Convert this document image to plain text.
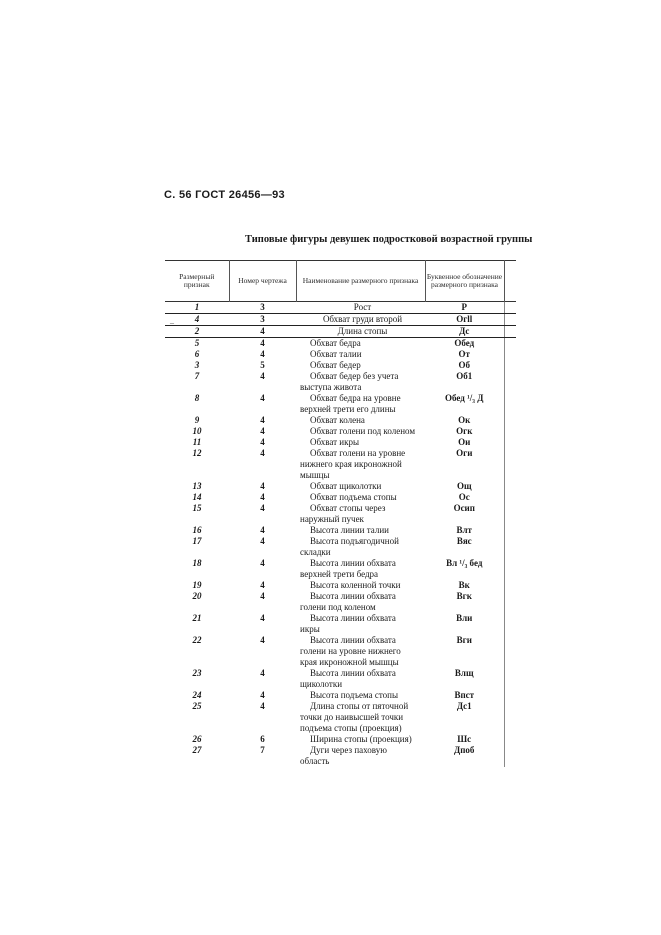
С. 56 ГОСТ 26456—93
Типовые фигуры девушек подростковой возрастной группы
Размерный признак	Номер чертежа	Наименование размерного признака	Буквенное обозначение размерного признака	
1	3	Рост	Р	
4	3	Обхват груди второй	Огll	
2	4	Длина стопы	Дс	
5	4	Обхват бедра	Обед	
6	4	Обхват талии	От	
3	5	Обхват бедер	Об	
7	4	Обхват бедер без учета
выступа живота	Об1	
8	4	Обхват бедра на уровне
верхней трети его длины	Обед ¹/₃ Д	
9	4	Обхват колена	Ок	
10	4	Обхват голени под коленом	Огк	
11	4	Обхват икры	Ои	
12	4	Обхват голени на уровне
нижнего края икроножной
мышцы	Оги	
13	4	Обхват щиколотки	Ощ	
14	4	Обхват подъема стопы	Ос	
15	4	Обхват стопы через
наружный пучек	Осип	
16	4	Высота линии талии	Влт	
17	4	Высота подъягодичной
складки	Вяс	
18	4	Высота линии обхвата
верхней трети бедра	Вл ¹/₃ бед	
19	4	Высота коленной точки	Вк	
20	4	Высота линии обхвата
голени под коленом	Вгк	
21	4	Высота линии обхвата
икры	Вли	
22	4	Высота линии обхвата
голени на уровне нижнего
края икроножной мышцы	Вги	
23	4	Высота линии обхвата
щиколотки	Влщ	
24	4	Высота подъема стопы	Впст	
25	4	Длина стопы от пяточной
точки до наивысшей точки
подъема стопы (проекция)	Дс1	
26	6	Ширина стопы (проекция)	Шс	
27	7	Дуги через паховую
область	Дпоб	
–
